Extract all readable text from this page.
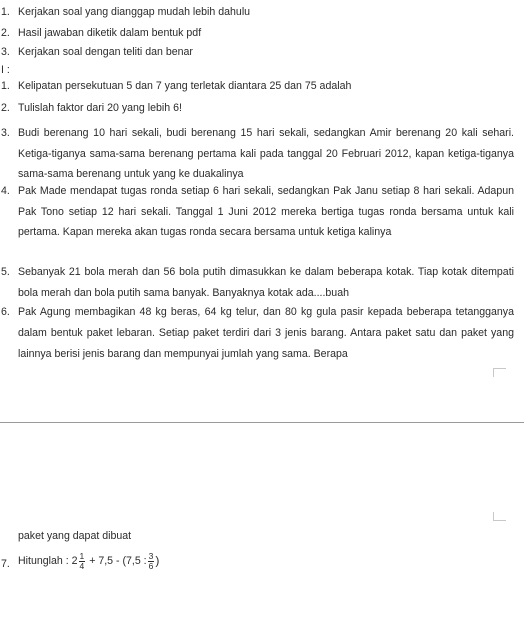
1. Kerjakan soal yang dianggap mudah lebih dahulu
2. Hasil jawaban diketik dalam bentuk pdf
3. Kerjakan soal dengan teliti dan benar
I :
1. Kelipatan persekutuan 5 dan 7 yang terletak diantara 25 dan 75 adalah
2. Tulislah faktor dari 20 yang lebih 6!
3. Budi berenang 10 hari sekali, budi berenang 15 hari sekali, sedangkan Amir berenang 20 kali sehari. Ketiga-tiganya sama-sama berenang pertama kali pada tanggal 20 Februari 2012, kapan ketiga-tiganya sama-sama berenang untuk yang ke duakalinya
4. Pak Made mendapat tugas ronda setiap 6 hari sekali, sedangkan Pak Janu setiap 8 hari sekali. Adapun Pak Tono setiap 12 hari sekali. Tanggal 1 Juni 2012 mereka bertiga tugas ronda bersama untuk kali pertama. Kapan mereka akan tugas ronda secara bersama untuk ketiga kalinya
5. Sebanyak 21 bola merah dan 56 bola putih dimasukkan ke dalam beberapa kotak. Tiap kotak ditempati bola merah dan bola putih sama banyak. Banyaknya kotak ada....buah
6. Pak Agung membagikan 48 kg beras, 64 kg telur, dan 80 kg gula pasir kepada beberapa tetangganya dalam bentuk paket lebaran. Setiap paket terdiri dari 3 jenis barang. Antara paket satu dan paket yang lainnya berisi jenis barang dan mempunyai jumlah yang sama. Berapa
paket yang dapat dibuat
7. Hitunglah : $2 \frac{1}{4} + 7,5 - (7,5$ : $\frac{3}{6}$ )
